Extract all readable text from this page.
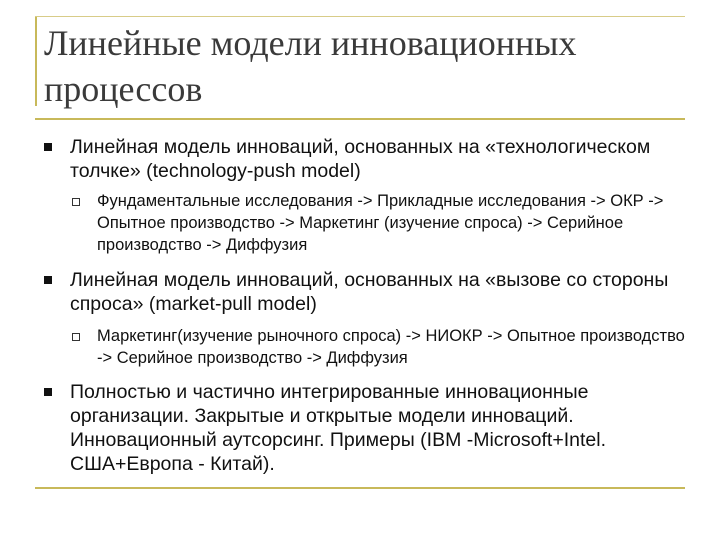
Линейные модели инновационных процессов
Линейная модель инноваций, основанных на «технологическом толчке» (technology-push model)
Фундаментальные исследования -> Прикладные исследования -> ОКР -> Опытное производство -> Маркетинг (изучение спроса) -> Серийное производство -> Диффузия
Линейная модель инноваций, основанных на «вызове со стороны спроса» (market-pull model)
Маркетинг(изучение рыночного спроса) -> НИОКР -> Опытное производство -> Серийное производство -> Диффузия
Полностью и частично интегрированные инновационные организации. Закрытые и открытые модели инноваций. Инновационный аутсорсинг. Примеры (IBM -Microsoft+Intel. США+Европа - Китай).
